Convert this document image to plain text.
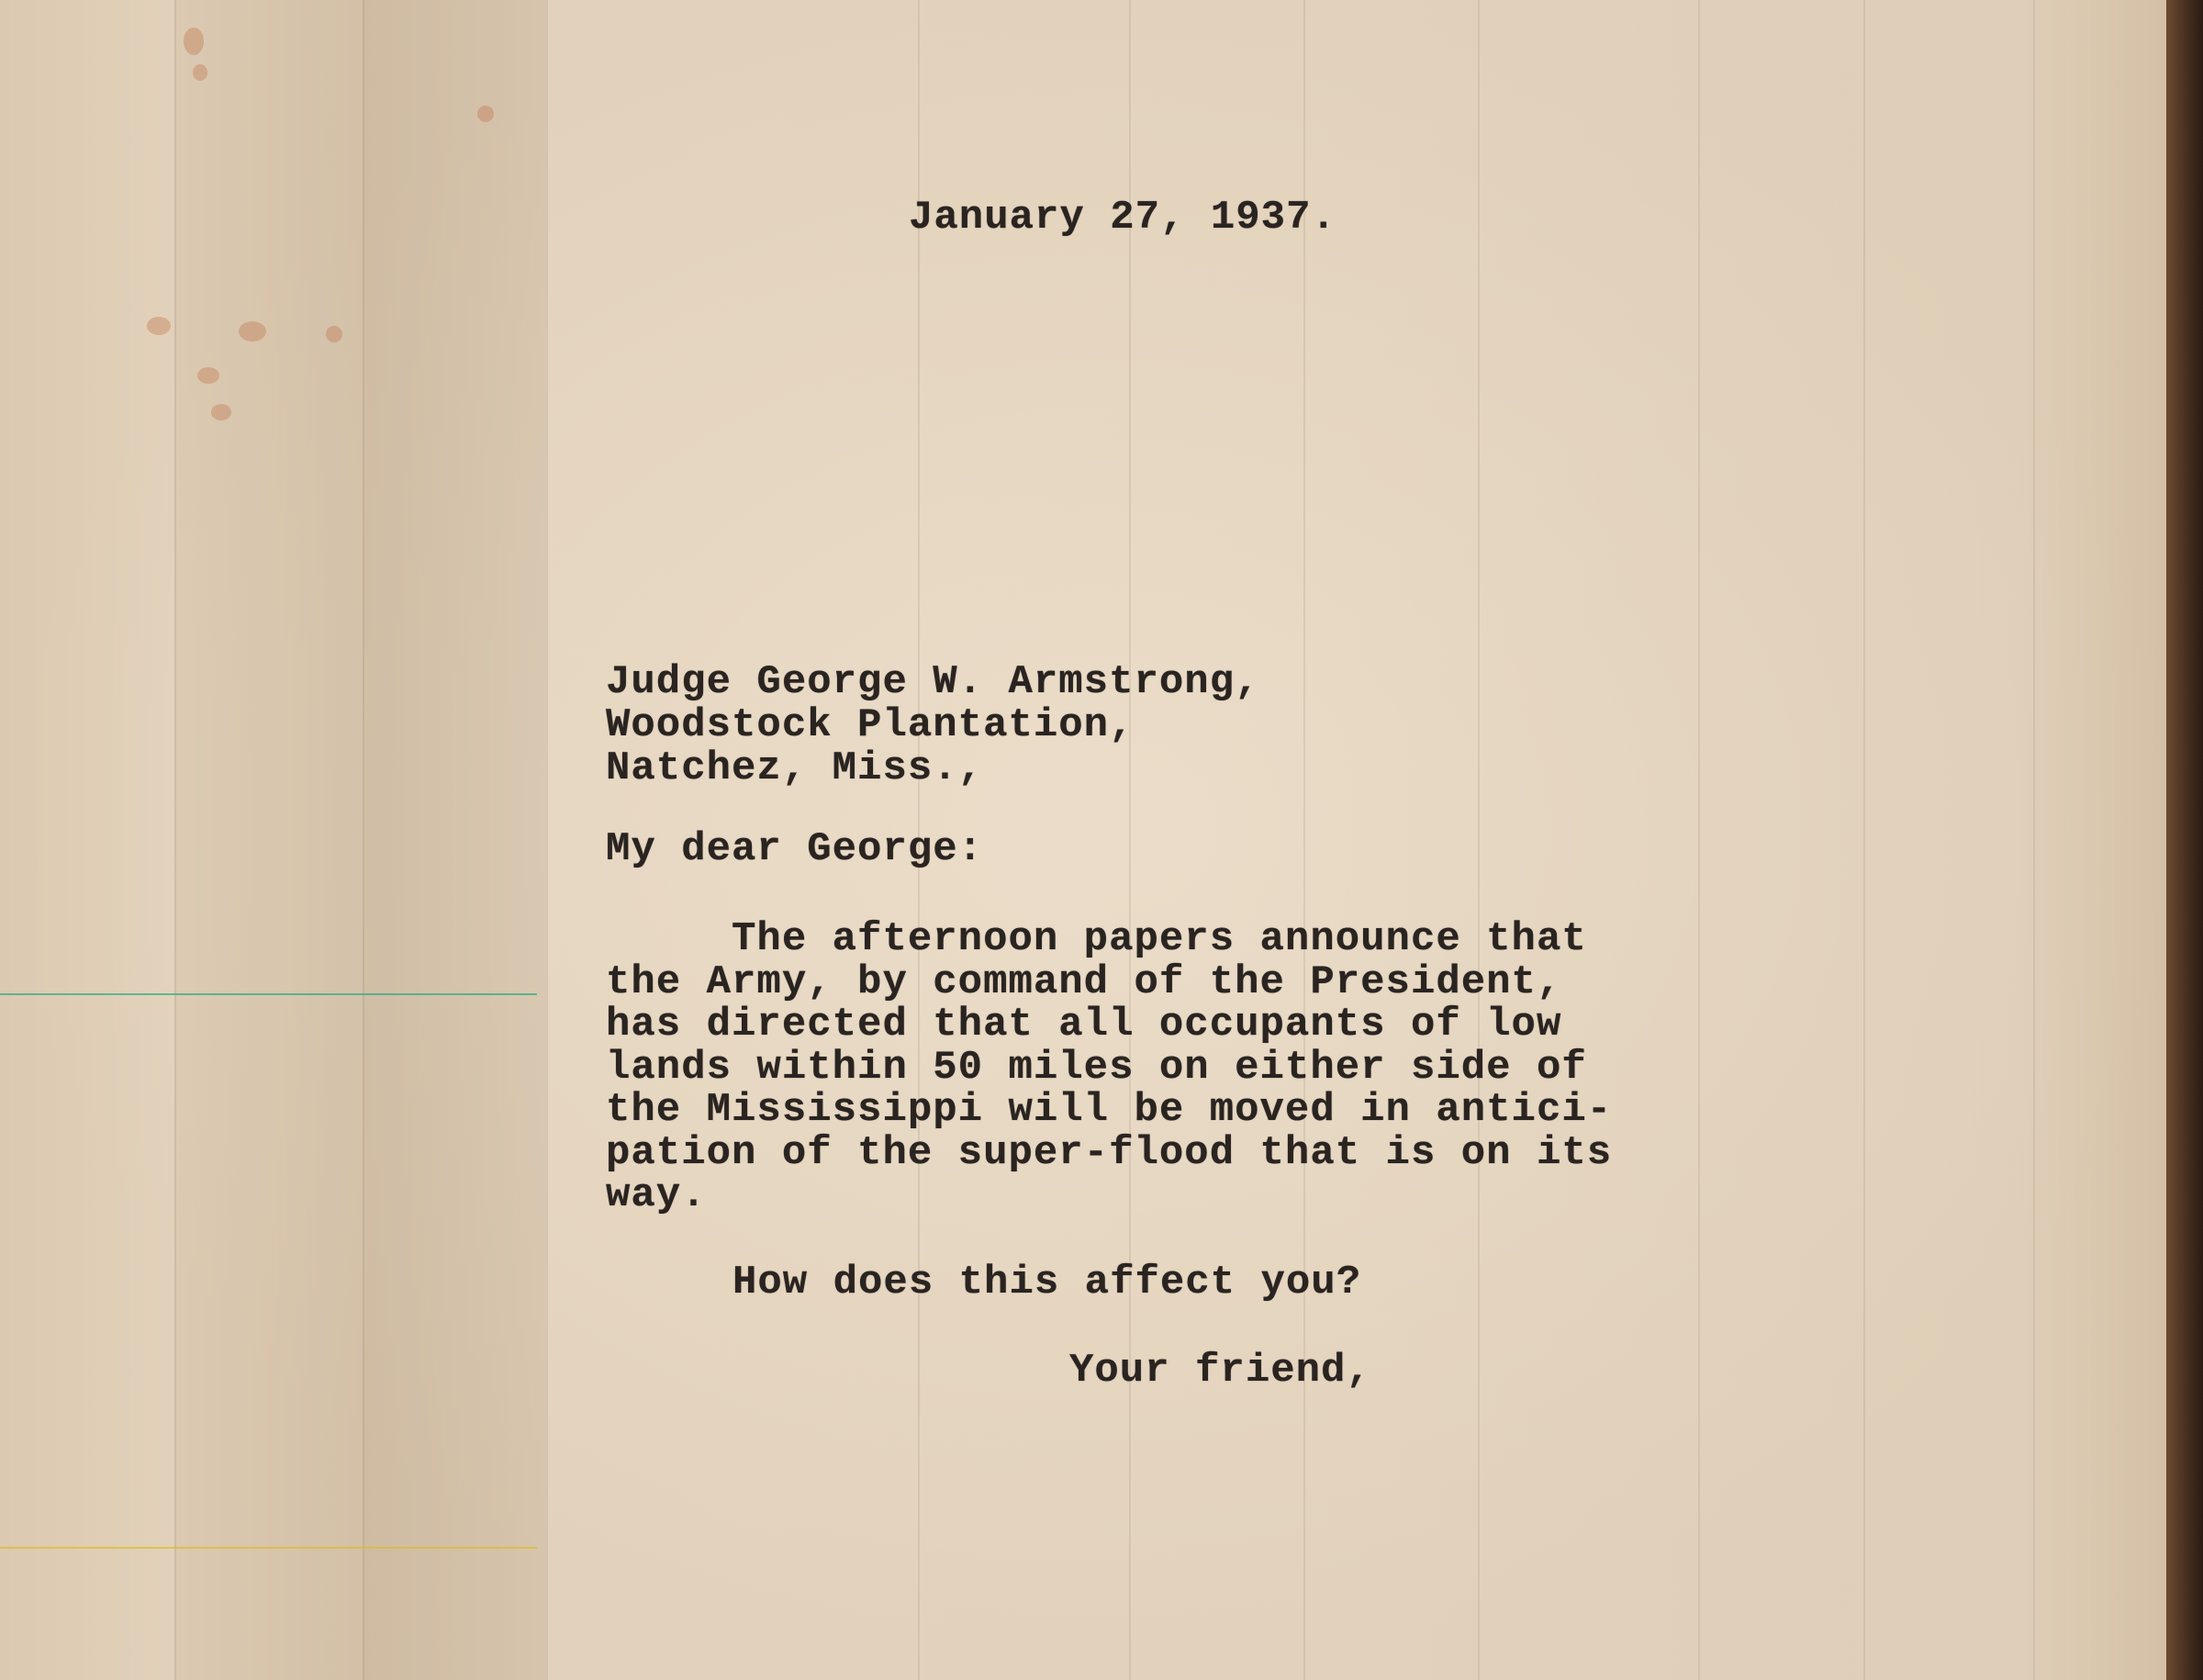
January 27, 1937.
Judge George W. Armstrong,
Woodstock Plantation,
Natchez, Miss.,
My dear George:
The afternoon papers announce that
the Army, by command of the President,
has directed that all occupants of low
lands within 50 miles on either side of
the Mississippi will be moved in antici-
pation of the super-flood that is on its
way.
How does this affect you?
Your friend,
